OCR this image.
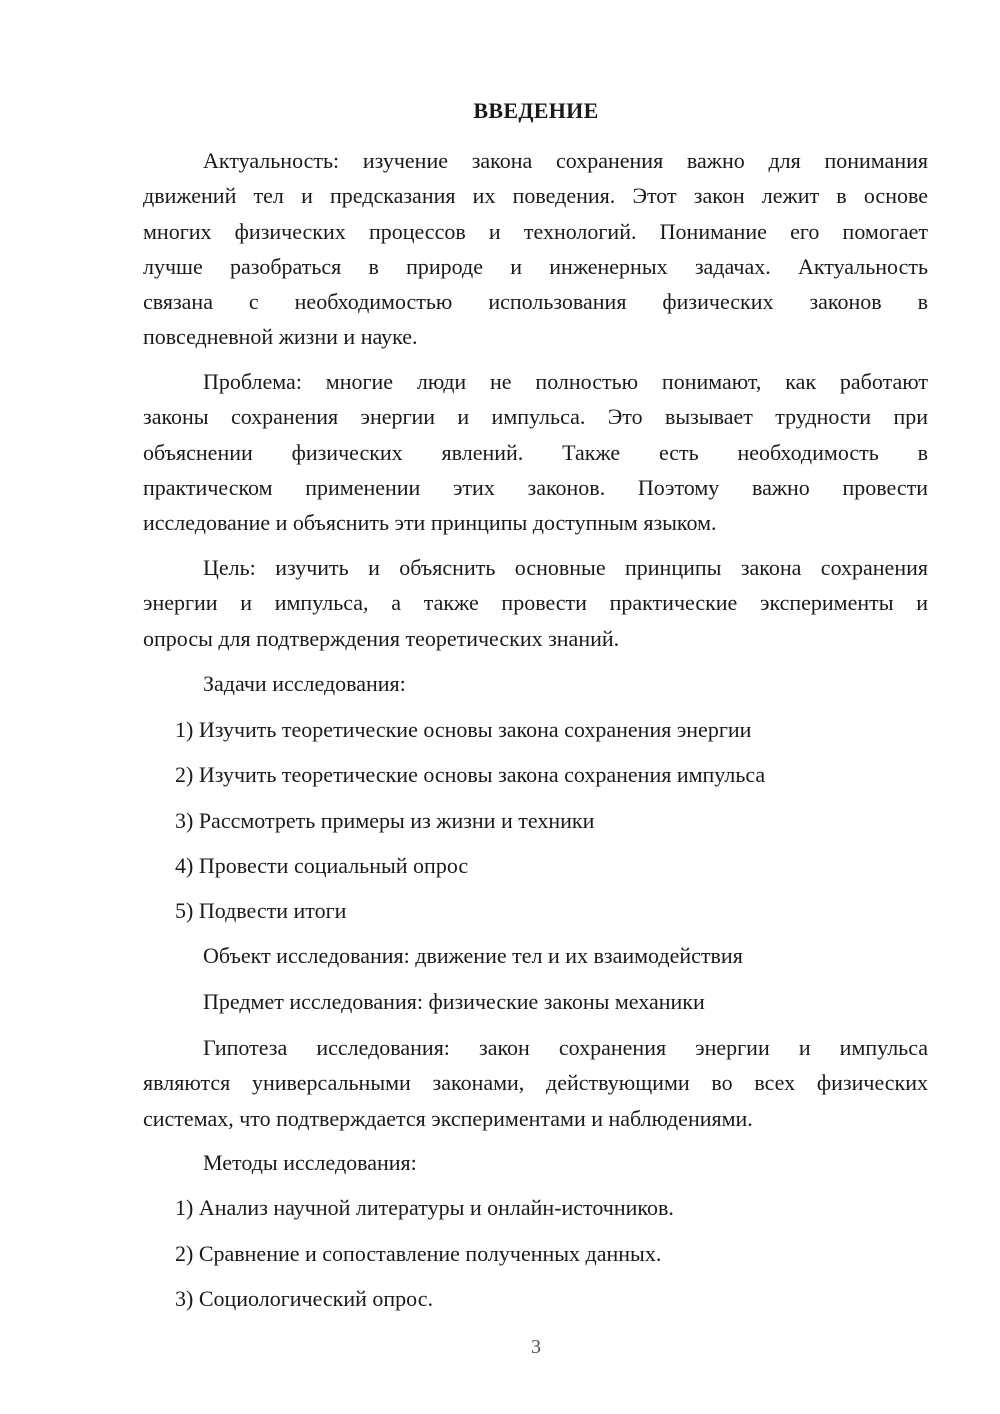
ВВЕДЕНИЕ
Актуальность: изучение закона сохранения важно для понимания
движений тел и предсказания их поведения. Этот закон лежит в основе
многих физических процессов и технологий. Понимание его помогает
лучше разобраться в природе и инженерных задачах. Актуальность
связана с необходимостью использования физических законов в
повседневной жизни и науке.
Проблема: многие люди не полностью понимают, как работают
законы сохранения энергии и импульса. Это вызывает трудности при
объяснении физических явлений. Также есть необходимость в
практическом применении этих законов. Поэтому важно провести
исследование и объяснить эти принципы доступным языком.
Цель: изучить и объяснить основные принципы закона сохранения
энергии и импульса, а также провести практические эксперименты и
опросы для подтверждения теоретических знаний.
Задачи исследования:
1) Изучить теоретические основы закона сохранения энергии
2) Изучить теоретические основы закона сохранения импульса
3) Рассмотреть примеры из жизни и техники
4) Провести социальный опрос
5) Подвести итоги
Объект исследования: движение тел и их взаимодействия
Предмет исследования: физические законы механики
Гипотеза исследования: закон сохранения энергии и импульса
являются универсальными законами, действующими во всех физических
системах, что подтверждается экспериментами и наблюдениями.
Методы исследования:
1) Анализ научной литературы и онлайн-источников.
2) Сравнение и сопоставление полученных данных.
3) Социологический опрос.
3
